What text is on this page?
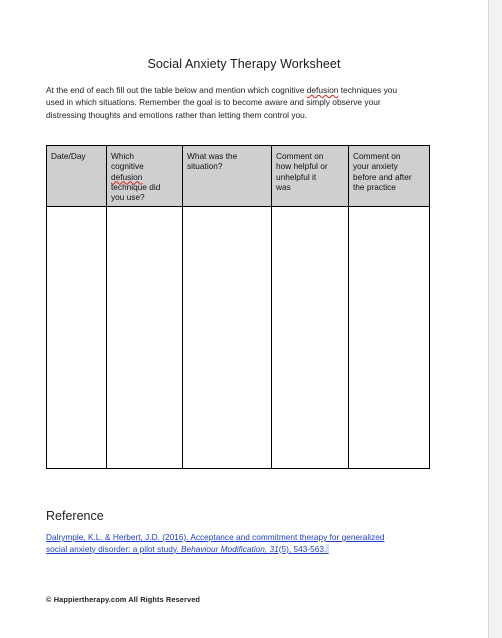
Social Anxiety Therapy Worksheet
At the end of each fill out the table below and mention which cognitive defusion techniques you
used in which situations. Remember the goal is to become aware and simply observe your
distressing thoughts and emotions rather than letting them control you.
Date/Day	Which
cognitive
defusion
technique did
you use?	What was the
situation?	Comment on
how helpful or
unhelpful it
was	Comment on
your anxiety
before and after
the practice

Reference
Dalrymple, K.L. & Herbert, J.D. (2016). Acceptance and commitment therapy for generalized
social anxiety disorder: a pilot study. Behaviour Modification, 31(5), 543-563.
© Happiertherapy.com All Rights Reserved
